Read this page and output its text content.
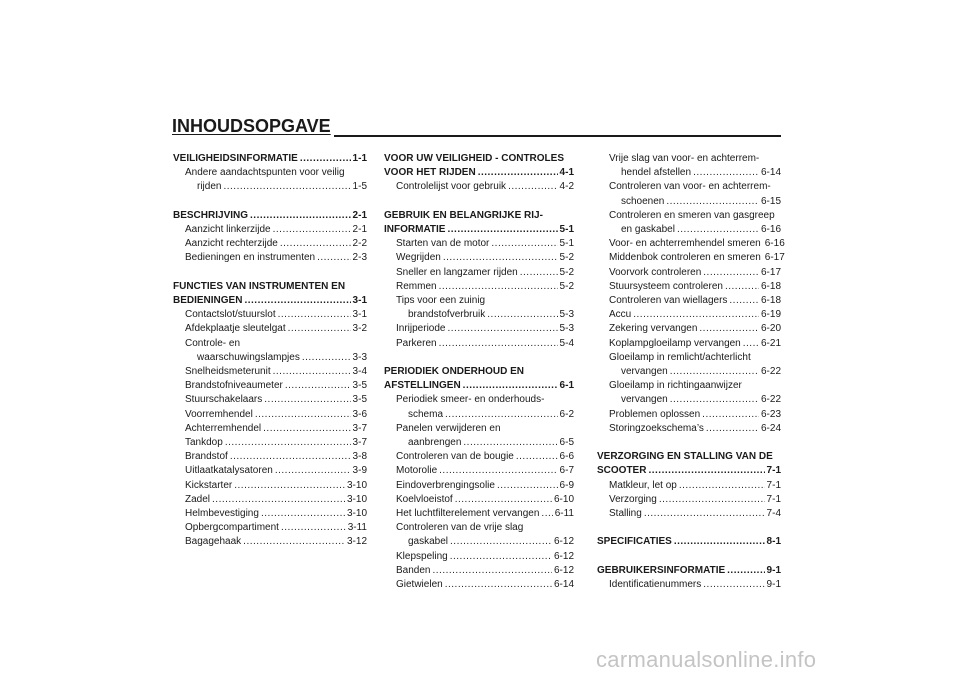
INHOUDSOPGAVE
VEILIGHEIDSINFORMATIE .....	1-1
Andere aandachtspunten voor veilig
rijden .....	1-5
BESCHRIJVING .....	2-1
Aanzicht linkerzijde .....	2-1
Aanzicht rechterzijde .....	2-2
Bedieningen en instrumenten .....	2-3
FUNCTIES VAN INSTRUMENTEN EN
BEDIENINGEN .....	3-1
Contactslot/stuurslot .....	3-1
Afdekplaatje sleutelgat .....	3-2
Controle- en
waarschuwingslampjes .....	3-3
Snelheidsmeterunit .....	3-4
Brandstofniveaumeter .....	3-5
Stuurschakelaars .....	3-5
Voorremhendel .....	3-6
Achterremhendel .....	3-7
Tankdop .....	3-7
Brandstof .....	3-8
Uitlaatkatalysatoren .....	3-9
Kickstarter .....	3-10
Zadel .....	3-10
Helmbevestiging .....	3-10
Opbergcompartiment .....	3-11
Bagagehaak .....	3-12
VOOR UW VEILIGHEID - CONTROLES
VOOR HET RIJDEN .....	4-1
Controlelijst voor gebruik .....	4-2
GEBRUIK EN BELANGRIJKE RIJ-
INFORMATIE .....	5-1
Starten van de motor .....	5-1
Wegrijden .....	5-2
Sneller en langzamer rijden .....	5-2
Remmen .....	5-2
Tips voor een zuinig
brandstofverbruik .....	5-3
Inrijperiode .....	5-3
Parkeren .....	5-4
PERIODIEK ONDERHOUD EN
AFSTELLINGEN .....	6-1
Periodiek smeer- en onderhouds-
schema .....	6-2
Panelen verwijderen en
aanbrengen .....	6-5
Controleren van de bougie .....	6-6
Motorolie .....	6-7
Eindoverbrengingsolie .....	6-9
Koelvloeistof .....	6-10
Het luchtfilterelement vervangen ..... 6-11
Controleren van de vrije slag
gaskabel .....	6-12
Klepspeling .....	6-12
Banden .....	6-12
Gietwielen .....	6-14
Vrije slag van voor- en achterrem-
hendel afstellen .....	6-14
Controleren van voor- en achterrem-
schoenen .....	6-15
Controleren en smeren van gasgreep
en gaskabel .....	6-16
Voor- en achterremhendel smeren 6-16
Middenbok controleren en smeren 6-17
Voorvork controleren .....	6-17
Stuursysteem controleren .....	6-18
Controleren van wiellagers .....	6-18
Accu .....	6-19
Zekering vervangen .....	6-20
Koplampgloeilamp vervangen ..... 6-21
Gloeilamp in remlicht/achterlicht
vervangen .....	6-22
Gloeilamp in richtingaanwijzer
vervangen .....	6-22
Problemen oplossen .....	6-23
Storingzoekschema’s .....	6-24
VERZORGING EN STALLING VAN DE
SCOOTER .....	7-1
Matkleur, let op .....	7-1
Verzorging .....	7-1
Stalling .....	7-4
SPECIFICATIES .....	8-1
GEBRUIKERSINFORMATIE .....	9-1
Identificatienummers .....	9-1
carmanualsonline.info
